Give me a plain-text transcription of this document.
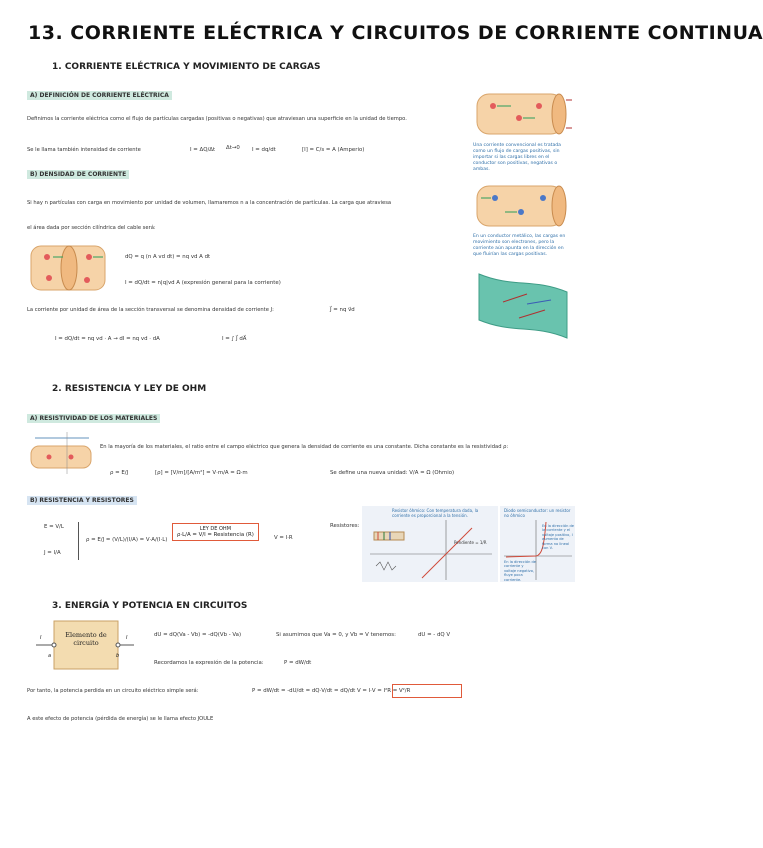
13. CORRIENTE ELÉCTRICA Y CIRCUITOS DE CORRIENTE CONTINUA
1. CORRIENTE ELÉCTRICA Y MOVIMIENTO DE CARGAS
A) DEFINICIÓN DE CORRIENTE ELÉCTRICA
Definimos la corriente eléctrica como el flujo de partículas cargadas (positivas o negativas) que atraviesan una superficie en la unidad de tiempo.
Se le llama también intensidad de corriente	I = ΔQ/Δt Δt→0 I = dq/dt	[I] = C/s = A (Amperio)
B) DENSIDAD DE CORRIENTE
Si hay n partículas con carga en movimiento por unidad de volumen, llamaremos n a la concentración de partículas. La carga que atraviesa
el área dada por sección cilíndrica del cable será:
dQ = q (n A vd dt) = nq vd A dt
I = dQ/dt = n|q|vd A (expresión general para la corriente)
La corriente por unidad de área de la sección transversal se denomina densidad de corriente J:	J⃗ = nq v⃗d
I = dQ/dt = nq vd · A → dI = nq vd · dA	I = ∫ J⃗ dA⃗
Una corriente convencional es tratada como un flujo de cargas positivas, sin importar si las cargas libres en el conductor son positivas, negativas o ambas.
En un conductor metálico, las cargas en movimiento son electrones, pero la corriente aún apunta en la dirección en que fluirían las cargas positivas.
2. RESISTENCIA Y LEY DE OHM
A) RESISTIVIDAD DE LOS MATERIALES
En la mayoría de los materiales, el ratio entre el campo eléctrico que genera la densidad de corriente es una constante. Dicha constante es la resistividad ρ:
ρ = E/J	[ρ] = [V/m]/[A/m²] = V·m/A = Ω·m	Se define una nueva unidad: V/A = Ω (Ohmio)
B) RESISTENCIA Y RESISTORES
E = V/L
J = I/A
ρ = E/J = (V/L)/(I/A) = V·A/(I·L)
LEY DE OHM
ρ·L/A = V/I = Resistencia (R)	V = I·R
Resistores:
Resistor óhmico: Con temperatura dada, la corriente es proporcional a la tensión.
Pendiente = 1/R
Diodo semiconductor: un resistor no óhmico
En la dirección de la corriente y el voltaje positivo, I aumenta de forma no lineal con V.
En la dirección de corriente y voltaje negativo, fluye poca corriente.
3. ENERGÍA Y POTENCIA EN CIRCUITOS
Elemento de circuito
a	b
I	I	dU = dQ(Va - Vb) = -dQ(Vb - Va)	Si asumimos que Va = 0, y Vb = V tenemos:	dU = - dQ V
Recordamos la expresión de la potencia:	P = dW/dt
Por tanto, la potencia perdida en un circuito eléctrico simple será:	P = dW/dt = -dU/dt = dQ·V/dt = dQ/dt V = I·V = I²R = V²/R
A este efecto de potencia (pérdida de energía) se le llama efecto JOULE
